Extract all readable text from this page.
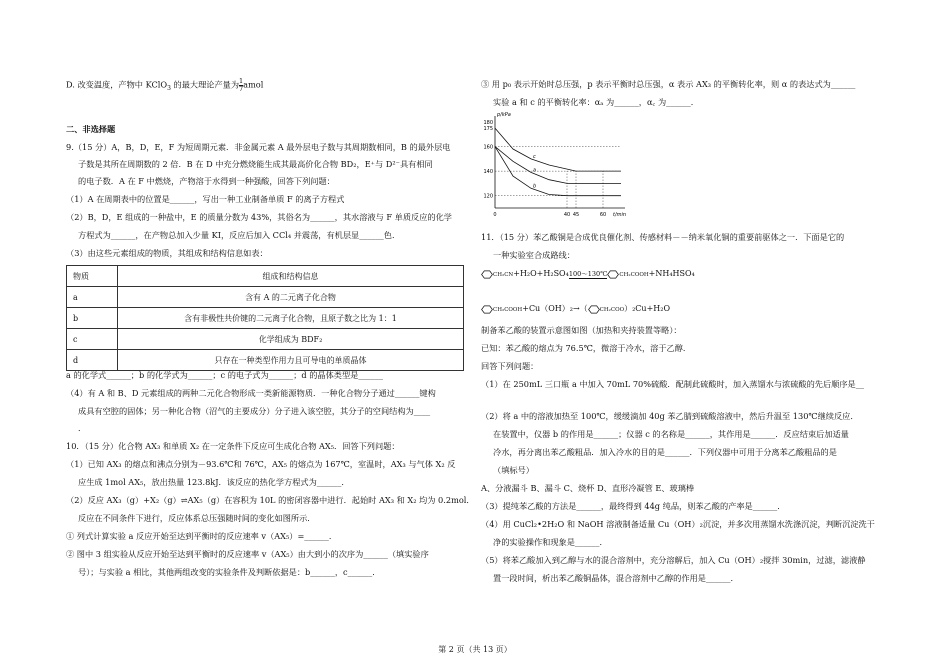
D. 改变温度，产物中 KClO$_3$ 的最大理论产量为 $\frac{1}{7}$ amol
二、非选择题
9.（15 分）A，B，D，E，F 为短周期元素．非金属元素 A 最外层电子数与其周期数相同，B 的最外层电
子数是其所在周期数的 2 倍．B 在 D 中充分燃烧能生成其最高价化合物 BD₂，E⁺与 D²⁻具有相同
的电子数．A 在 F 中燃烧，产物溶于水得到一种强酸，回答下列问题：
（1）A 在周期表中的位置是______，写出一种工业制备单质 F 的离子方程式
（2）B，D，E 组成的一种盐中，E 的质量分数为 43%，其俗名为______，其水溶液与 F 单质反应的化学
方程式为______，在产物总加入少量 KI，反应后加入 CCl₄ 并震荡，有机层显______色．
（3）由这些元素组成的物质，其组成和结构信息如表：
物质	组成和结构信息
a	含有 A 的二元离子化合物
b	含有非极性共价键的二元离子化合物，且原子数之比为 1：1
c	化学组成为 BDF₂
d	只存在一种类型作用力且可导电的单质晶体
a 的化学式______；b 的化学式为______；c 的电子式为______；d 的晶体类型是______
（4）有 A 和 B、D 元素组成的两种二元化合物形成一类新能源物质．一种化合物分子通过______键构
成具有空腔的固体；另一种化合物（沼气的主要成分）分子进入该空腔，其分子的空间结构为____
．
10．（15 分）化合物 AX₃ 和单质 X₂ 在一定条件下反应可生成化合物 AX₅．回答下列问题：
（1）已知 AX₃ 的熔点和沸点分别为－93.6℃和 76℃，AX₅ 的熔点为 167℃，室温时，AX₃ 与气体 X₂ 反
应生成 1mol AX₅，放出热量 123.8kJ．该反应的热化学方程式为______．
（2）反应 AX₃（g）+X₂（g）⇌AX₅（g）在容积为 10L 的密闭容器中进行．起始时 AX₃ 和 X₂ 均为 0.2mol．
反应在不同条件下进行，反应体系总压强随时间的变化如图所示．
① 列式计算实验 a 反应开始至达到平衡时的反应速率 v（AX₅）=______．
② 图中 3 组实验从反应开始至达到平衡时的反应速率 v（AX₅）由大到小的次序为______（填实验序
号）；与实验 a 相比，其他两组改变的实验条件及判断依据是：b______，c______．
③ 用 p₀ 表示开始时总压强，p 表示平衡时总压强，α 表示 AX₃ 的平衡转化率，则 α 的表达式为______
实验 a 和 c 的平衡转化率：αₐ 为______，α꜀ 为______．
p/kPa
t/min
120
140
160
175
180
0	40 45	60
a
b
c
11．（15 分）苯乙酸铜是合成优良催化剂、传感材料－－纳米氧化铜的重要前驱体之一．下面是它的
一种实验室合成路线：
CH₂CN+H₂O+H₂SO₄ 100～130℃ CH₂COOH+NH₄HSO₄
CH₂COOH+Cu（OH）₂→（ CH₂COO）₂Cu+H₂O
制备苯乙酸的装置示意图如图（加热和夹持装置等略）：
已知：苯乙酸的熔点为 76.5℃，微溶于冷水，溶于乙醇．
回答下列问题：
（1）在 250mL 三口瓶 a 中加入 70mL 70%硫酸．配制此硫酸时，加入蒸馏水与浓硫酸的先后顺序是__
（2）将 a 中的溶液加热至 100℃，缓缓滴加 40g 苯乙腈到硫酸溶液中，然后升温至 130℃继续反应．
在装置中，仪器 b 的作用是______；仪器 c 的名称是______，其作用是______．反应结束后加适量
冷水，再分离出苯乙酸粗品．加入冷水的目的是______．下列仪器中可用于分离苯乙酸粗品的是
（填标号）
A、分液漏斗 B、漏斗 C、烧杯 D、直形冷凝管 E、玻璃棒
（3）提纯苯乙酸的方法是______，最终得到 44g 纯品，则苯乙酸的产率是______．
（4）用 CuCl₂•2H₂O 和 NaOH 溶液制备适量 Cu（OH）₂沉淀，并多次用蒸馏水洗涤沉淀，判断沉淀洗干
净的实验操作和现象是______．
（5）将苯乙酸加入到乙醇与水的混合溶剂中，充分溶解后，加入 Cu（OH）₂搅拌 30min，过滤，滤液静
置一段时间，析出苯乙酸铜晶体，混合溶剂中乙醇的作用是______．
第 2 页（共 13 页）
